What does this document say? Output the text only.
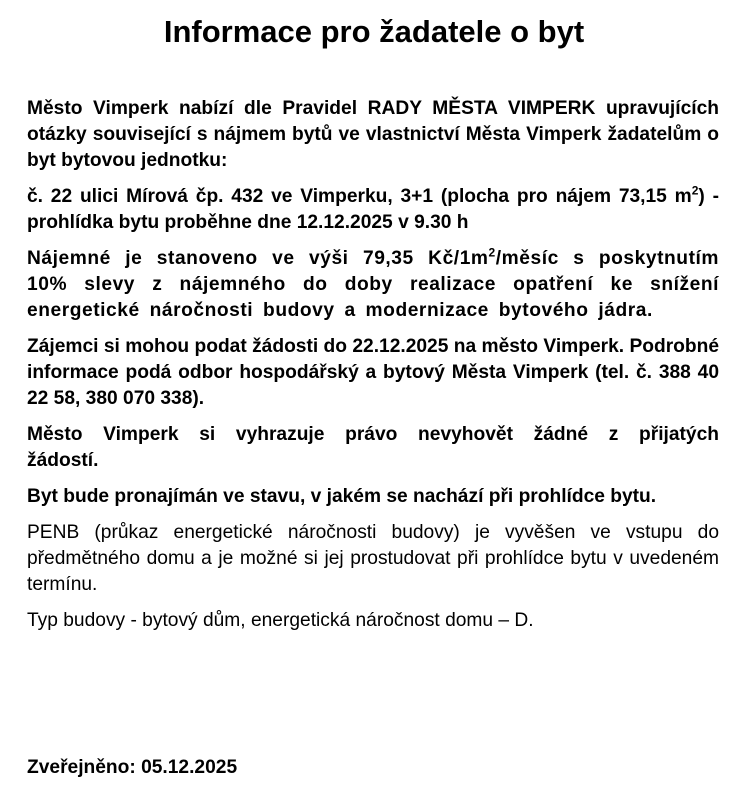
Informace pro žadatele o byt

Město Vimperk nabízí dle Pravidel RADY MĚSTA VIMPERK upravujících otázky související s nájmem bytů ve vlastnictví Města Vimperk žadatelům o byt bytovou jednotku:

č. 22 ulici Mírová čp. 432 ve Vimperku, 3+1 (plocha pro nájem 73,15 $m^2$) - prohlídka bytu proběhne dne 12.12.2025 v 9.30 h

Nájemné je stanoveno ve výši 79,35 $Kč/1m^2$/měsíc s poskytnutím 10% slevy z nájemného do doby realizace opatření ke snížení energetické náročnosti budovy a modernizace bytového jádra.

Zájemci si mohou podat žádosti do 22.12.2025 na město Vimperk. Podrobné informace podá odbor hospodářský a bytový Města Vimperk (tel. č. 388 40 22 58, 380 070 338).

Město Vimperk si vyhrazuje právo nevyhovět žádné z přijatých žádostí.

Byt bude pronajímán ve stavu, v jakém se nachází při prohlídce bytu.

PENB (průkaz energetické náročnosti budovy) je vyvěšen ve vstupu do předmětného domu a je možné si jej prostudovat při prohlídce bytu v uvedeném termínu.

Typ budovy - bytový dům, energetická náročnost domu – D.

Zveřejněno: 05.12.2025
